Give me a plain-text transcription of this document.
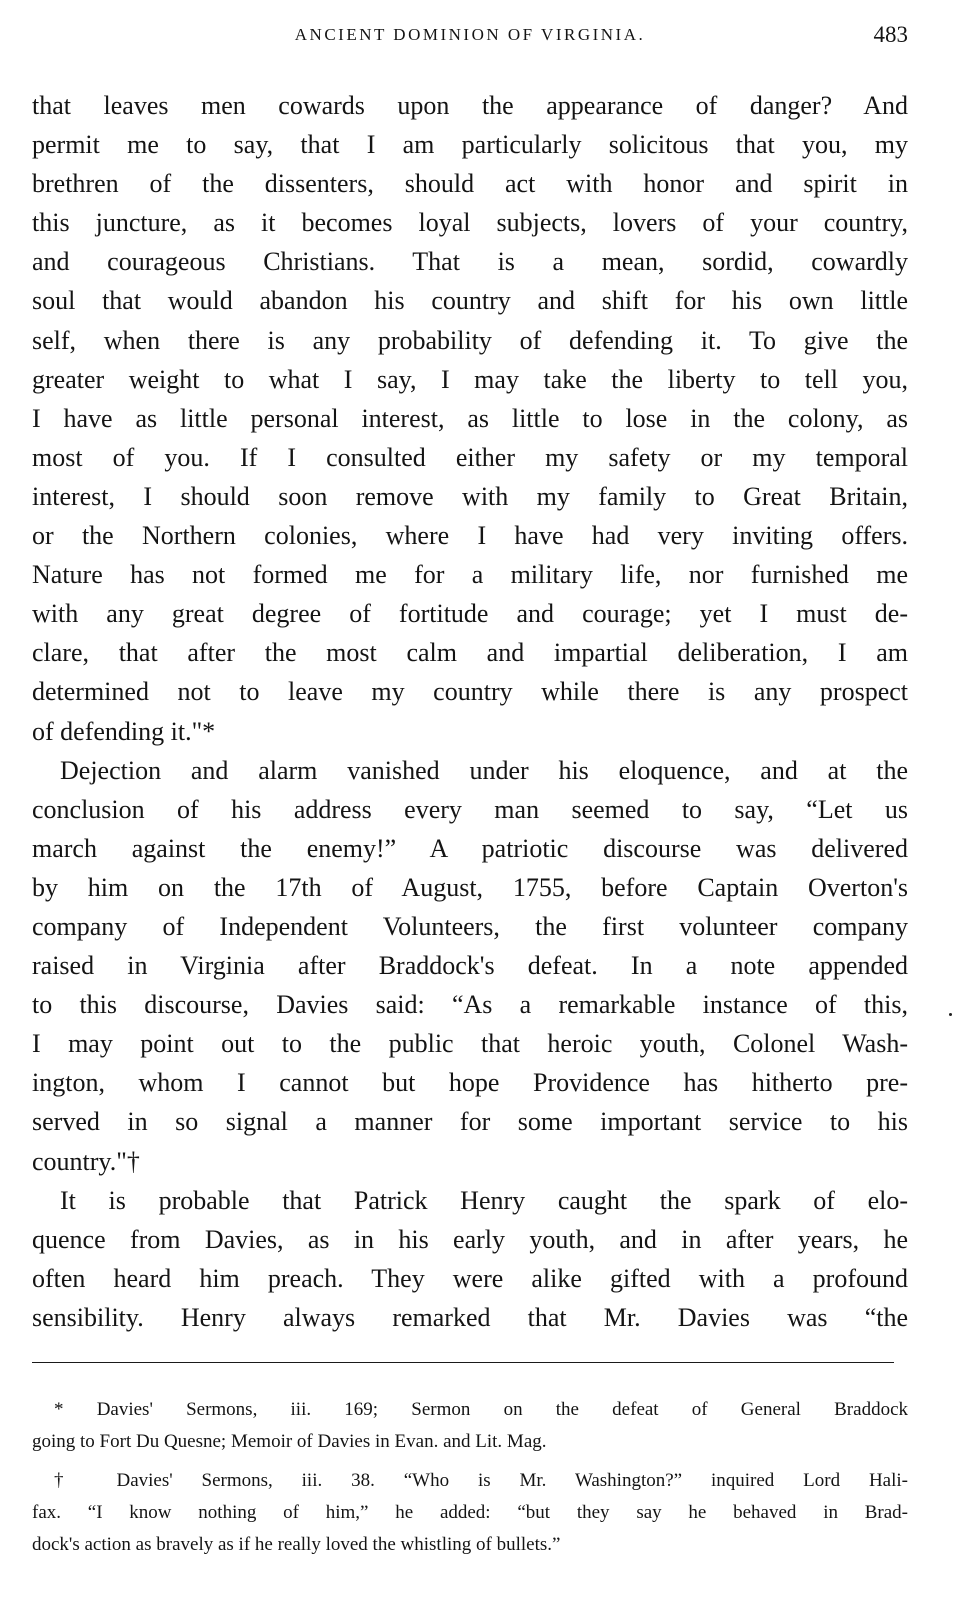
ANCIENT DOMINION OF VIRGINIA.	483
that leaves men cowards upon the appearance of danger? And
permit me to say, that I am particularly solicitous that you, my
brethren of the dissenters, should act with honor and spirit in
this juncture, as it becomes loyal subjects, lovers of your country,
and courageous Christians. That is a mean, sordid, cowardly
soul that would abandon his country and shift for his own little
self, when there is any probability of defending it. To give the
greater weight to what I say, I may take the liberty to tell you,
I have as little personal interest, as little to lose in the colony, as
most of you. If I consulted either my safety or my temporal
interest, I should soon remove with my family to Great Britain,
or the Northern colonies, where I have had very inviting offers.
Nature has not formed me for a military life, nor furnished me
with any great degree of fortitude and courage; yet I must de-
clare, that after the most calm and impartial deliberation, I am
determined not to leave my country while there is any prospect
of defending it."*
Dejection and alarm vanished under his eloquence, and at the
conclusion of his address every man seemed to say, “Let us
march against the enemy!” A patriotic discourse was delivered
by him on the 17th of August, 1755, before Captain Overton's
company of Independent Volunteers, the first volunteer company
raised in Virginia after Braddock's defeat. In a note appended
to this discourse, Davies said: “As a remarkable instance of this,
I may point out to the public that heroic youth, Colonel Wash-
ington, whom I cannot but hope Providence has hitherto pre-
served in so signal a manner for some important service to his
country."†
It is probable that Patrick Henry caught the spark of elo-
quence from Davies, as in his early youth, and in after years, he
often heard him preach. They were alike gifted with a profound
sensibility. Henry always remarked that Mr. Davies was “the
* Davies' Sermons, iii. 169; Sermon on the defeat of General Braddock
going to Fort Du Quesne; Memoir of Davies in Evan. and Lit. Mag.
† Davies' Sermons, iii. 38. “Who is Mr. Washington?” inquired Lord Hali-
fax. “I know nothing of him,” he added: “but they say he behaved in Brad-
dock's action as bravely as if he really loved the whistling of bullets.”
